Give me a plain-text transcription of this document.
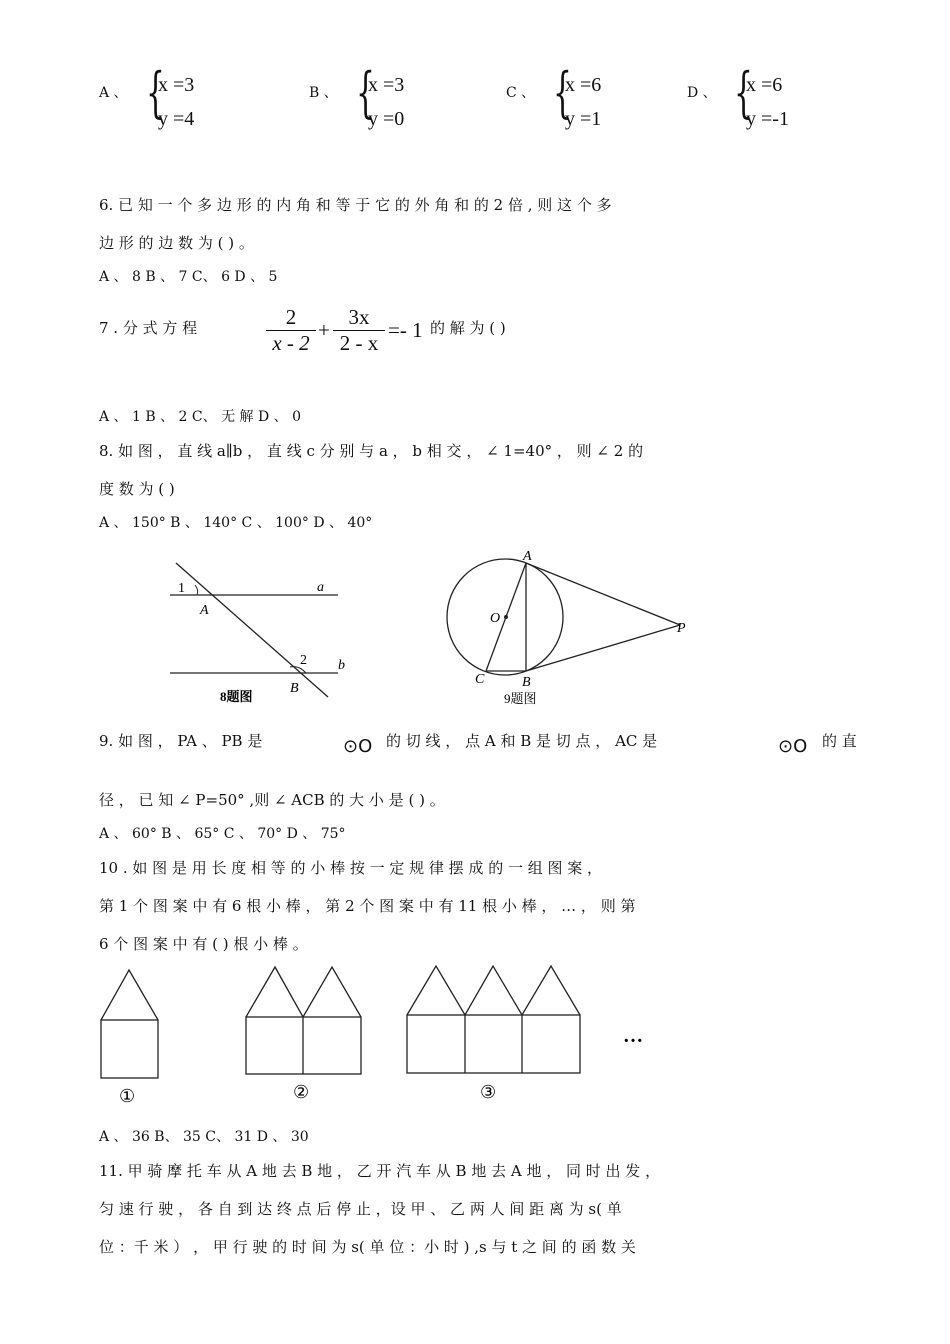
A 、 {
x =3
y =4
B 、 {
x =3
y =0
C 、 {
x =6
y =1
D 、 {
x =6
y =-1
6. 已 知 一 个 多 边 形 的 内 角 和 等 于 它 的 外 角 和 的 2 倍 , 则 这 个 多
边 形 的 边 数 为 ( ) 。
A 、 8 B 、 7 C、 6 D 、 5
7 . 分 式 方 程	2
x - 2
+
3x
2 - x
=- 1 的 解 为 ( )
A 、 1 B 、 2 C、 无 解 D 、 0
8. 如 图 ， 直 线 a∥b ， 直 线 c 分 别 与 a ， b 相 交 ， ∠ 1=40° ， 则 ∠ 2 的
度 数 为 ( )
A 、 150° B 、 140° C 、 100° D 、 40°
1	a
A
2 b
B
8题图
A
O
P
C	B
9题图
9. 如 图 ， PA 、 PB 是	⊙O 的 切 线 ， 点 A 和 B 是 切 点 ， AC 是	⊙O 的 直
径 ， 已 知 ∠ P=50° ,则 ∠ ACB 的 大 小 是 ( ) 。
A 、 60° B 、 65° C 、 70° D 、 75°
10 . 如 图 是 用 长 度 相 等 的 小 棒 按 一 定 规 律 摆 成 的 一 组 图 案 ，
第 1 个 图 案 中 有 6 根 小 棒 ， 第 2 个 图 案 中 有 11 根 小 棒 ， … ， 则 第
6 个 图 案 中 有 ( ) 根 小 棒 。
…
①	②	③
A 、 36 B、 35 C、 31 D 、 30
11. 甲 骑 摩 托 车 从 A 地 去 B 地 ， 乙 开 汽 车 从 B 地 去 A 地 ， 同 时 出 发 ，
匀 速 行 驶 ， 各 自 到 达 终 点 后 停 止 ，设 甲 、 乙 两 人 间 距 离 为 s( 单
位 ：千 米 ） ， 甲 行 驶 的 时 间 为 s( 单 位 ：小 时 ) ,s 与 t 之 间 的 函 数 关
